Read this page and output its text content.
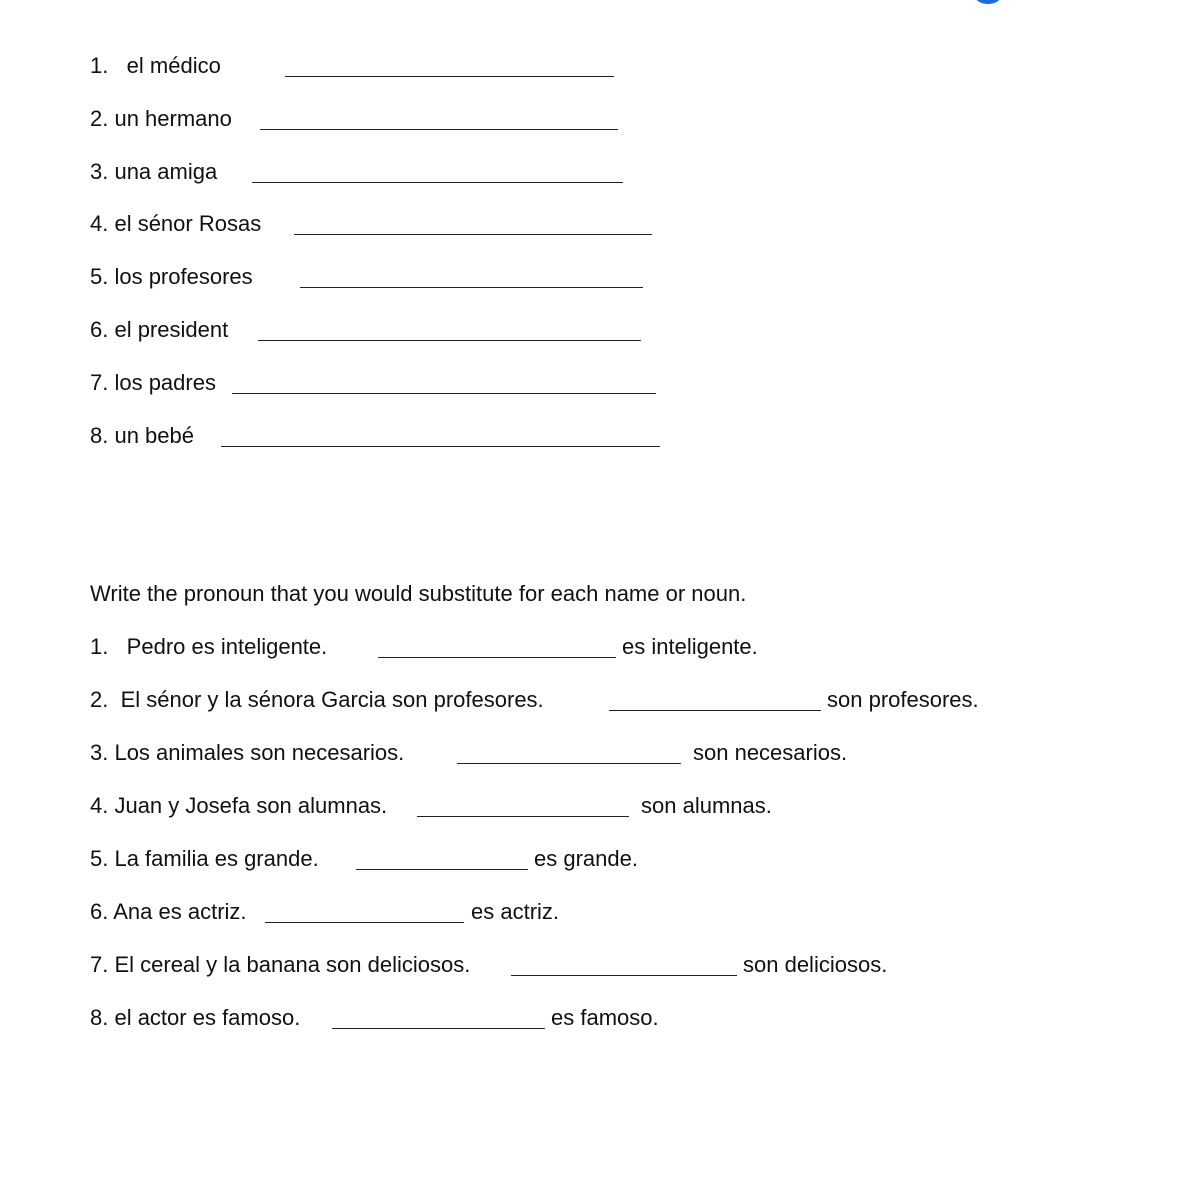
1.   el médico
2. un hermano
3. una amiga
4. el sénor Rosas
5. los profesores
6. el president
7. los padres
8. un bebé
Write the pronoun that you would substitute for each name or noun.
1.   Pedro es inteligente.	es inteligente.
2.  El sénor y la sénora Garcia son profesores.	son profesores.
3. Los animales son necesarios.	son necesarios.
4. Juan y Josefa son alumnas.	son alumnas.
5. La familia es grande.	es grande.
6. Ana es actriz.	es actriz.
7. El cereal y la banana son deliciosos.	son deliciosos.
8. el actor es famoso.	es famoso.
